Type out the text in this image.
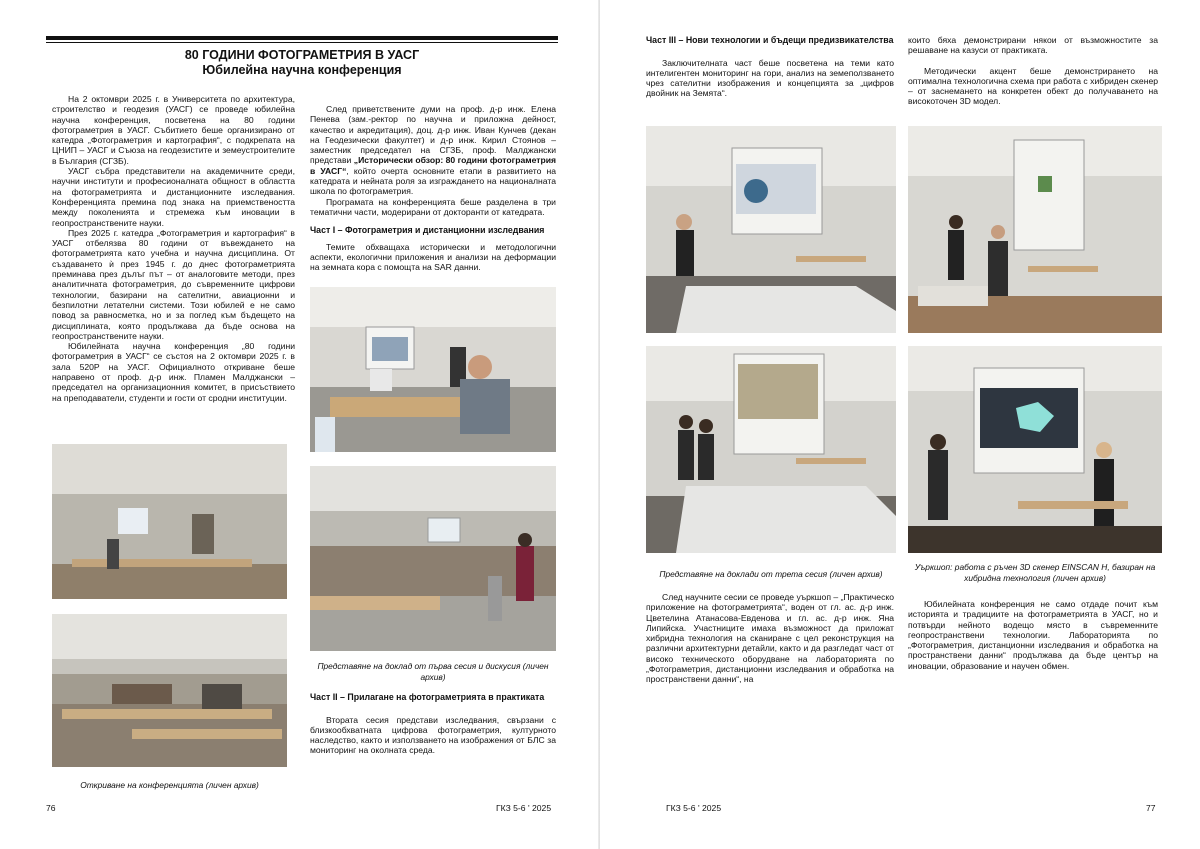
80 ГОДИНИ ФОТОГРАМЕТРИЯ В УАСГ
Юбилейна научна конференция

На 2 октомври 2025 г. в Университета по архитектура, строителство и геодезия (УАСГ) се проведе юбилейна научна конференция, посветена на 80 години фотограметрия в УАСГ. Събитието беше организирано от катедра „Фотограметрия и картография“, с подкрепата на ЦНИП – УАСГ и Съюза на геодезистите и земеустроителите в България (СГЗБ).

УАСГ събра представители на академичните среди, научни институти и професионалната общност в областта на фотограметрията и дистанционните изследвания. Конференцията премина под знака на приемствеността между поколенията и стремежа към иновации в геопространствените науки.

През 2025 г. катедра „Фотограметрия и картография“ в УАСГ отбелязва 80 години от въвеждането на фотограметрията като учебна и научна дисциплина. От създаването ѝ през 1945 г. до днес фотограметрията преминава през дълъг път – от аналоговите методи, през аналитичната фотограметрия, до съвременните цифрови технологии, базирани на сателитни, авиационни и безпилотни летателни системи. Този юбилей е не само повод за равносметка, но и за поглед към бъдещето на дисциплината, която продължава да бъде основа на геопространствените науки.

Юбилейната научна конференция „80 години фотограметрия в УАСГ“ се състоя на 2 октомври 2025 г. в зала 520Р на УАСГ. Официалното откриване беше направено от проф. д-р инж. Пламен Малджански – председател на организационния комитет, в присъствието на преподаватели, студенти и гости от сродни институции.

След приветствените думи на проф. д-р инж. Елена Пенева (зам.-ректор по научна и приложна дейност, качество и акредитация), доц. д-р инж. Иван Кунчев (декан на Геодезически факултет) и д-р инж. Кирил Стоянов – заместник председател на СГЗБ, проф. Малджански представи „Исторически обзор: 80 години фотограметрия в УАСГ“, който очерта основните етапи в развитието на катедрата и нейната роля за изграждането на националната школа по фотограметрия.

Програмата на конференцията беше разделена в три тематични части, модерирани от докторанти от катедрата.

Част I – Фотограметрия и дистанционни изследвания

Темите обхващаха исторически и методологични аспекти, екологични приложения и анализи на деформации на земната кора с помощта на SAR данни.

Представяне на доклад от първа сесия и дискусия (личен архив)
Част II – Прилагане на фотограметрията в практиката

Втората сесия представи изследвания, свързани с близкообхватната цифрова фотограметрия, културното наследство, както и използването на изображения от БЛС за мониторинг на околната среда.

Откриване на конференцията (личен архив)
76	ГКЗ 5-6 ' 2025
Част III – Нови технологии и бъдещи предизвикателства

Заключителната част беше посветена на теми като интелигентен мониторинг на гори, анализ на земеползването чрез сателитни изображения и концепцията за „цифров двойник на Земята“.

които бяха демонстрирани някои от възможностите за решаване на казуси от практиката.

Методически акцент беше демонстрирането на оптимална технологична схема при работа с хибриден скенер – от заснемането на конкретен обект до получаването на високоточен 3D модел.

Представяне на доклади от трета сесия (личен архив)
Уъркшоп: работа с ръчен 3D скенер EINSCAN H, базиран на хибридна технология (личен архив)

След научните сесии се проведе уъркшоп – „Практическо приложение на фотограметрията“, воден от гл. ас. д-р инж. Цветелина Атанасова-Евденова и гл. ас. д-р инж. Яна Липийска. Участниците имаха възможност да приложат хибридна технология на сканиране с цел реконструкция на различни архитектурни детайли, както и да разгледат част от високо техническото оборудване на лабораторията по „Фотограметрия, дистанционни изследвания и обработка на пространствени данни“, на

Юбилейната конференция не само отдаде почит към историята и традициите на фотограметрията в УАСГ, но и потвърди нейното водещо място в съвременните геопространствени технологии. Лабораторията по „Фотограметрия, дистанционни изследвания и обработка на пространствени данни“ продължава да бъде център на иновации, образование и научен обмен.

ГКЗ 5-6 ' 2025	77
